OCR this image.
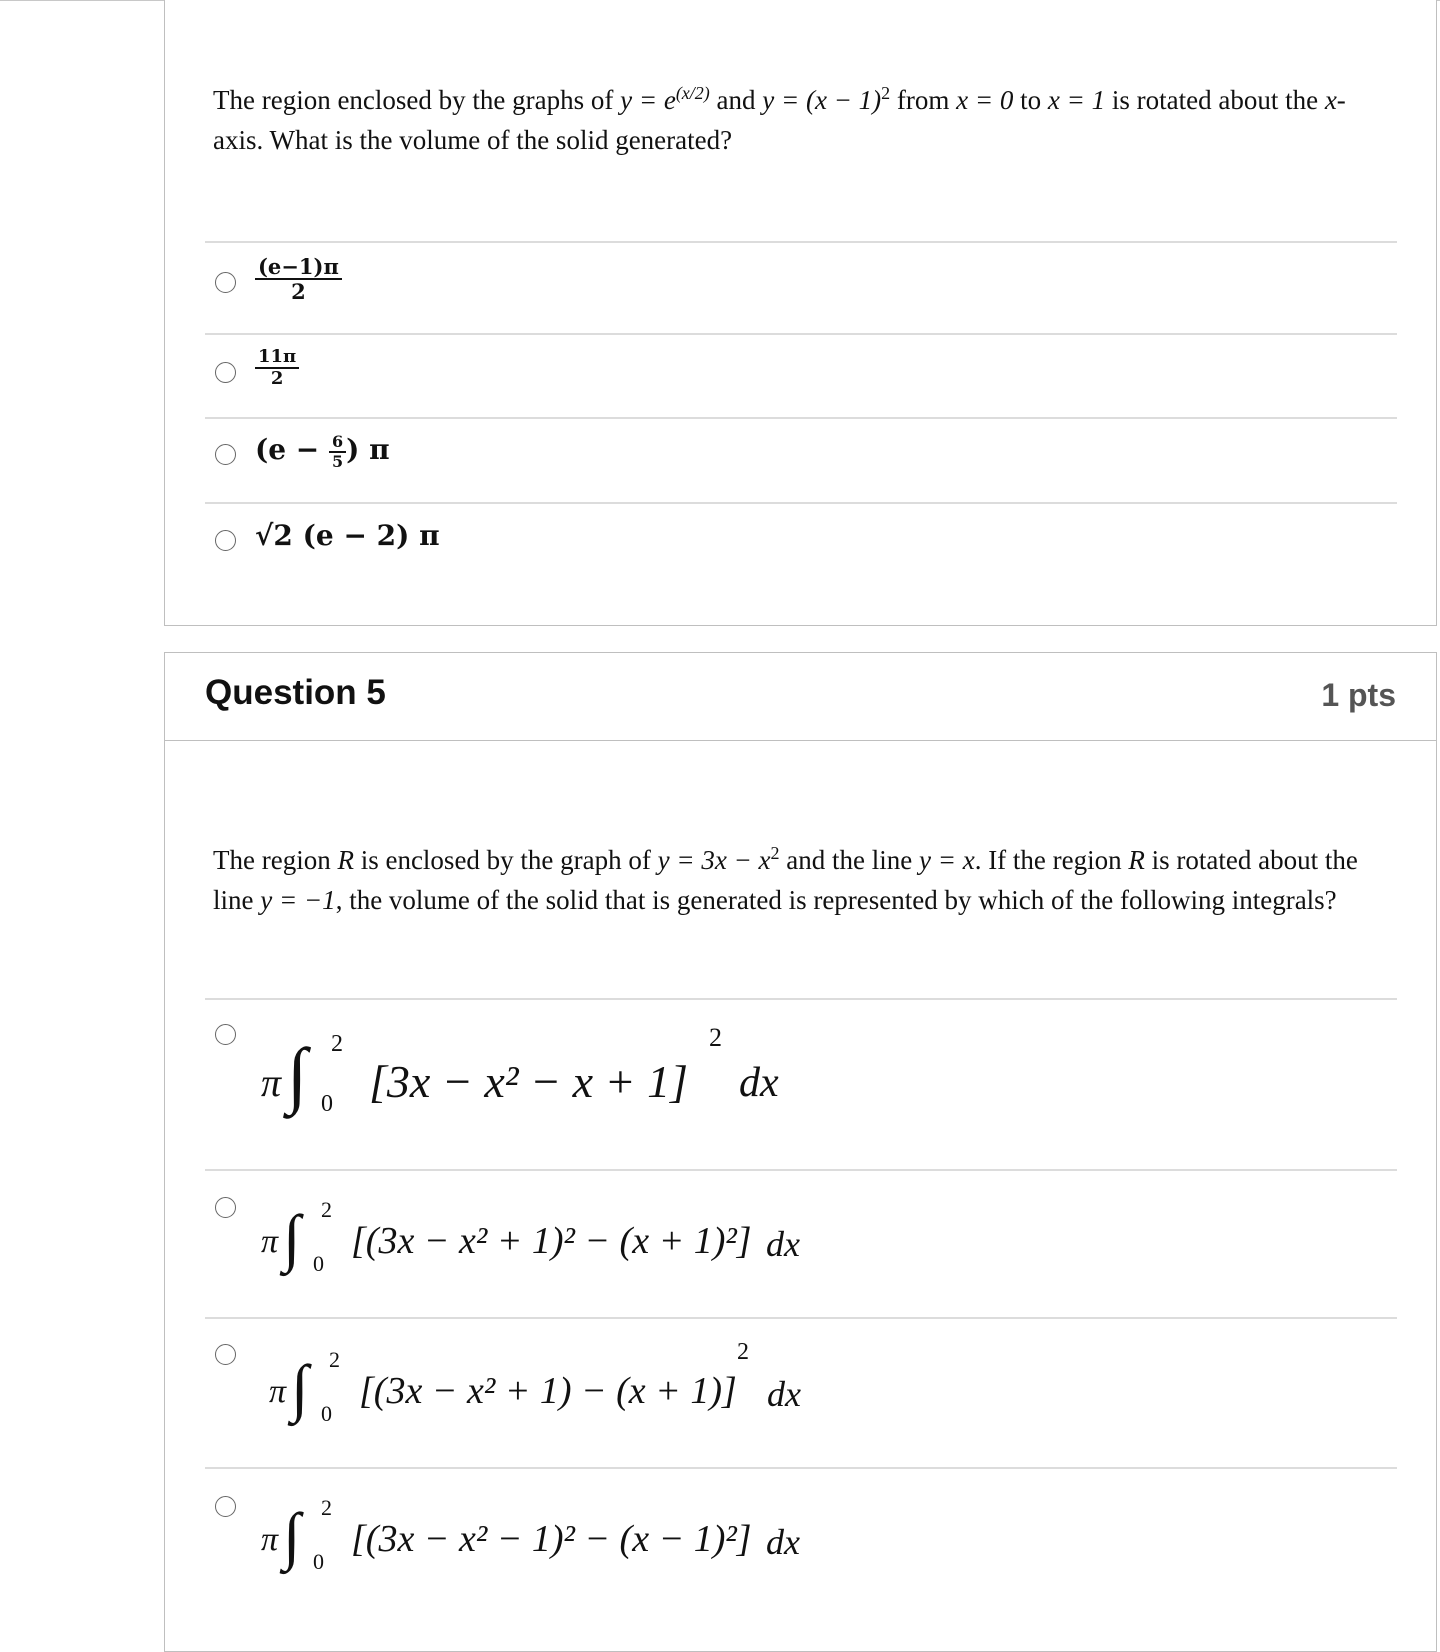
The region enclosed by the graphs of $y = e^{(x/2)}$ and $y = (x - 1)^2$ from x = 0 to x = 1 is rotated about the x-axis. What is the volume of the solid generated?
$\frac{(e-1)\pi}{2}$
$\frac{11\pi}{2}$
($e - \frac{6}{5}$ ) π
√2 (e − 2) π
Question 5	1 pts
The region R is enclosed by the graph of $y = 3x - x^2$ and the line y = x. If the region R is rotated about the line y = −1, the volume of the solid that is generated is represented by which of the following integrals?
π ∫ 2
0 [3x − x² − x + 1]
2
dx
π ∫ 2
0
[(3x − x² + 1)² − (x + 1)²] dx
π ∫ 2
0
[(3x − x² + 1) − (x + 1)]
2
dx
π ∫ 2
0
[(3x − x² − 1)² − (x − 1)²] dx
